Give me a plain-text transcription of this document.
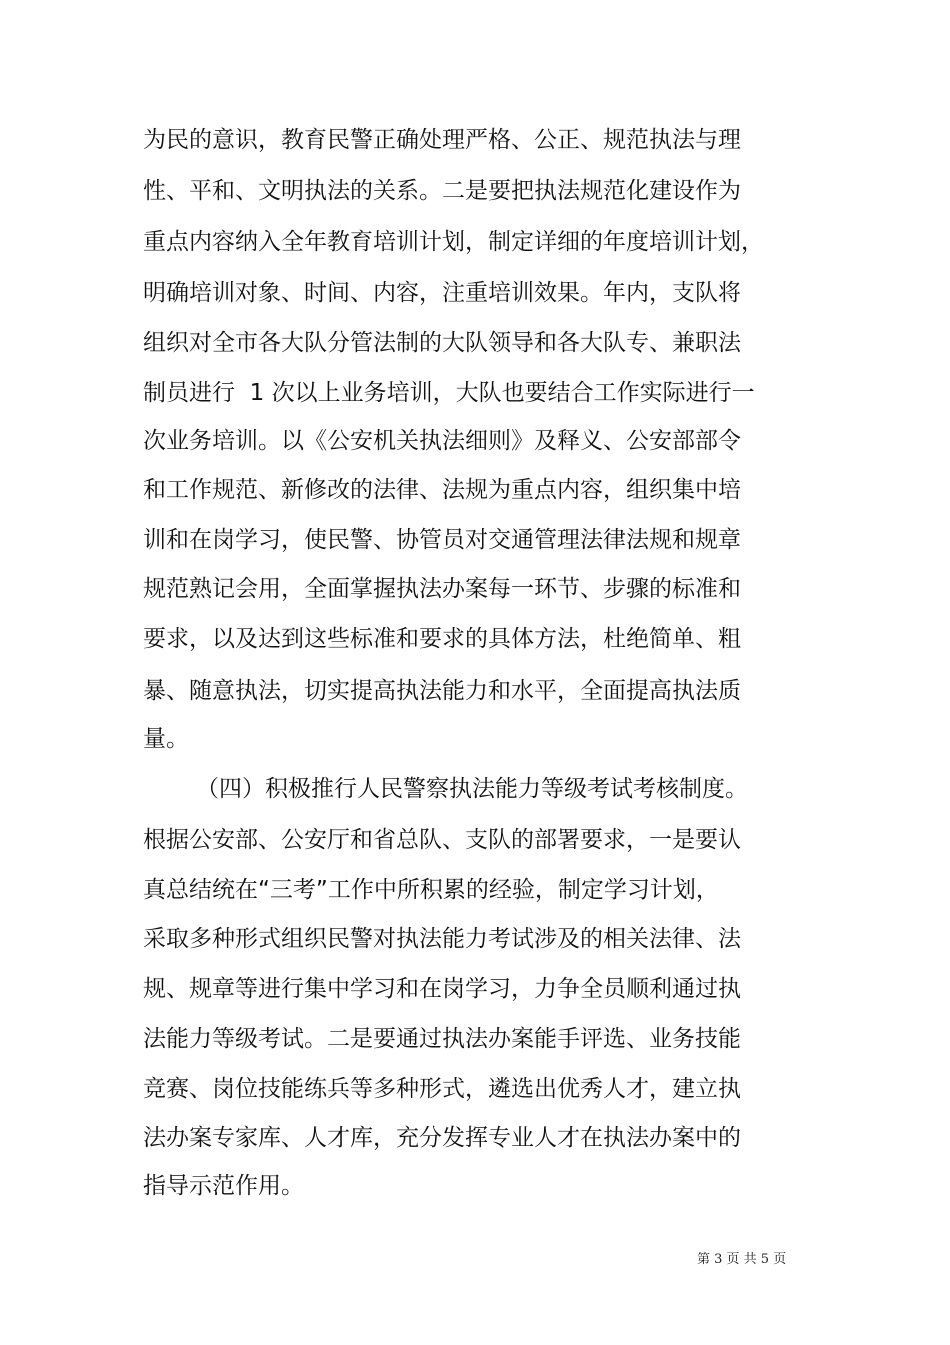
为民的意识，教育民警正确处理严格、公正、规范执法与理
性、平和、文明执法的关系。二是要把执法规范化建设作为
重点内容纳入全年教育培训计划，制定详细的年度培训计划，
明确培训对象、时间、内容，注重培训效果。年内，支队将
组织对全市各大队分管法制的大队领导和各大队专、兼职法
制员进行  1 次以上业务培训，大队也要结合工作实际进行一
次业务培训。以《公安机关执法细则》及释义、公安部部令
和工作规范、新修改的法律、法规为重点内容，组织集中培
训和在岗学习，使民警、协管员对交通管理法律法规和规章
规范熟记会用，全面掌握执法办案每一环节、步骤的标准和
要求，以及达到这些标准和要求的具体方法，杜绝简单、粗
暴、随意执法，切实提高执法能力和水平，全面提高执法质
量。
（四）积极推行人民警察执法能力等级考试考核制度。
根据公安部、公安厅和省总队、支队的部署要求，一是要认
真总结统在“三考”工作中所积累的经验，制定学习计划，
采取多种形式组织民警对执法能力考试涉及的相关法律、法
规、规章等进行集中学习和在岗学习，力争全员顺利通过执
法能力等级考试。二是要通过执法办案能手评选、业务技能
竞赛、岗位技能练兵等多种形式，遴选出优秀人才，建立执
法办案专家库、人才库，充分发挥专业人才在执法办案中的
指导示范作用。
第 3 页 共 5 页
